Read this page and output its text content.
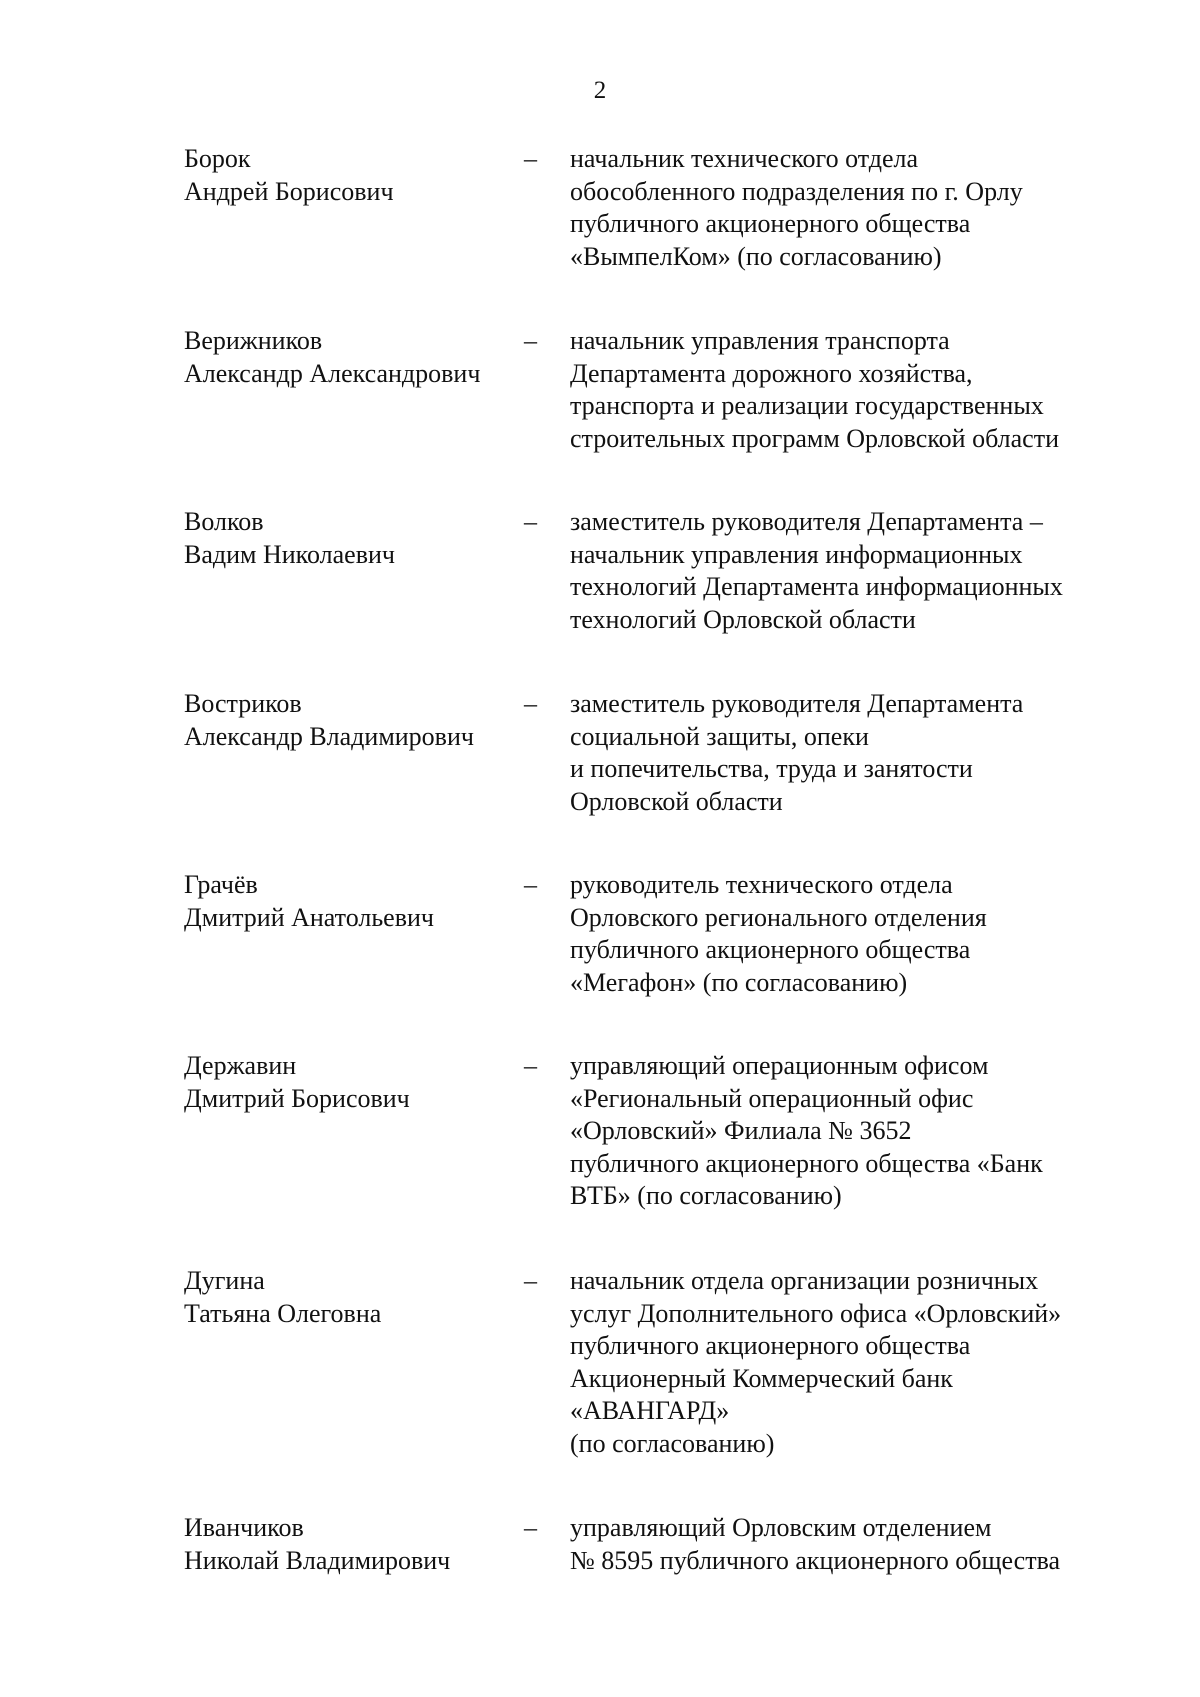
2
Борок
Андрей Борисович
–	начальник технического отдела
обособленного подразделения по г. Орлу
публичного акционерного общества
«ВымпелКом» (по согласованию)
Верижников
Александр Александрович
–	начальник управления транспорта
Департамента дорожного хозяйства,
транспорта и реализации государственных
строительных программ Орловской области
Волков
Вадим Николаевич
–	заместитель руководителя Департамента –
начальник управления информационных
технологий Департамента информационных
технологий Орловской области
Востриков
Александр Владимирович
–	заместитель руководителя Департамента
социальной защиты, опеки
и попечительства, труда и занятости
Орловской области
Грачёв
Дмитрий Анатольевич
–	руководитель технического отдела
Орловского регионального отделения
публичного акционерного общества
«Мегафон» (по согласованию)
Державин
Дмитрий Борисович
–	управляющий операционным офисом
«Региональный операционный офис
«Орловский» Филиала № 3652
публичного акционерного общества «Банк
ВТБ» (по согласованию)
Дугина
Татьяна Олеговна
–	начальник отдела организации розничных
услуг Дополнительного офиса «Орловский»
публичного акционерного общества
Акционерный Коммерческий банк
«АВАНГАРД»
(по согласованию)
Иванчиков
Николай Владимирович
–	управляющий Орловским отделением
№ 8595 публичного акционерного общества
